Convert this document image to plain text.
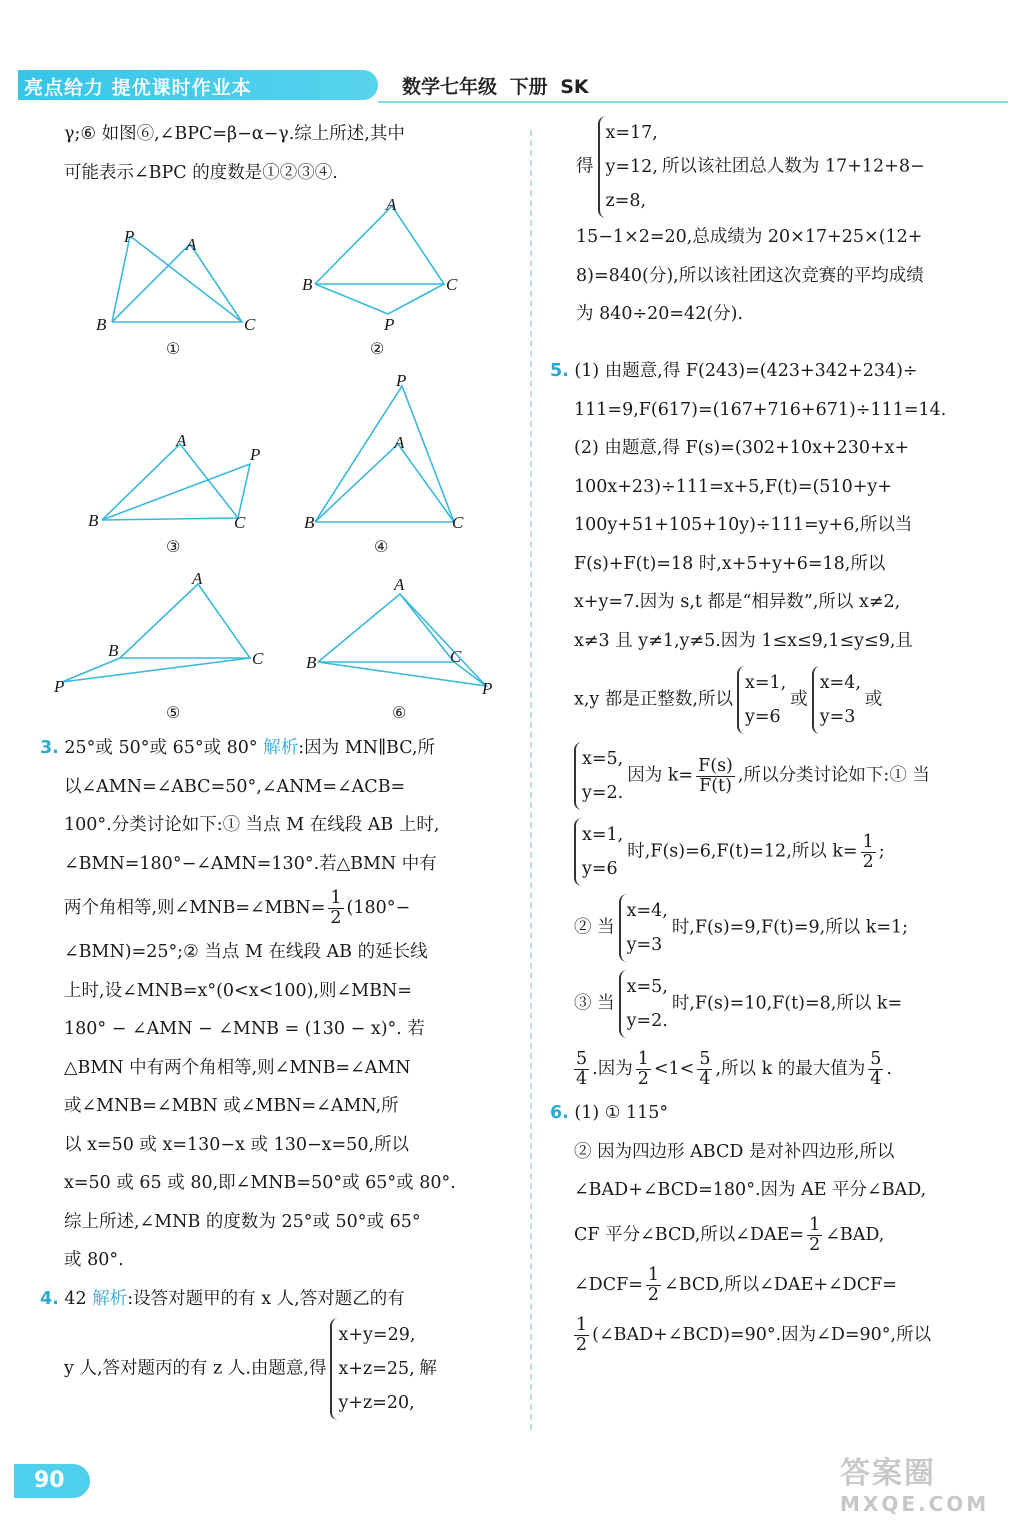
亮点给力 提优课时作业本	数学七年级 下册 SK

γ;⑥ 如图⑥,∠BPC=β−α−γ.综上所述,其中

可能表示∠BPC 的度数是①②③④.

P	A
B	C
A
B	C
P
A
P
B	C
P
A
B	C
A
B	C
P
A
B	C
P
①	②
③	④
⑤	⑥

3. 25°或 50°或 65°或 80° 解析:因为 MN∥BC,所

以∠AMN=∠ABC=50°,∠ANM=∠ACB=

100°.分类讨论如下:① 当点 M 在线段 AB 上时,

∠BMN=180°−∠AMN=130°.若△BMN 中有

两个角相等,则∠MNB=∠MBN= $\frac{1}{2} (180^\circ-$

∠BMN)=25°;② 当点 M 在线段 AB 的延长线

上时,设∠MNB=x°(0<x<100),则∠MBN=

180° − ∠AMN − ∠MNB = (130 − x)°. 若

△BMN 中有两个角相等,则∠MNB=∠AMN

或∠MNB=∠MBN 或∠MBN=∠AMN,所

以 x=50 或 x=130−x 或 130−x=50,所以

x=50 或 65 或 80,即∠MNB=50°或 65°或 80°.

综上所述,∠MNB 的度数为 25°或 50°或 65°

或 80°.

4. 42 解析:设答对题甲的有 x 人,答对题乙的有

y 人,答对题丙的有 z 人.由题意,得
x+y=29,
x+z=25,
y+z=20,
解

得
x=17,
y=12,
z=8,
所以该社团总人数为 17+12+8−

15−1×2=20,总成绩为 20×17+25×(12+

8)=840(分),所以该社团这次竞赛的平均成绩

为 840÷20=42(分).

5. (1) 由题意,得 F(243)=(423+342+234)÷

111=9,F(617)=(167+716+671)÷111=14.

(2) 由题意,得 F(s)=(302+10x+230+x+

100x+23)÷111=x+5,F(t)=(510+y+

100y+51+105+10y)÷111=y+6,所以当

F(s)+F(t)=18 时,x+5+y+6=18,所以

x+y=7.因为 s,t 都是“相异数”,所以 x≠2,

x≠3 且 y≠1,y≠5.因为 1≤x≤9,1≤y≤9,且

x,y 都是正整数,所以
x=1,
y=6
或
x=4,
y=3
或

x=5,
y=2.
因为 $k= \frac{F(s)}{F(t)}$ ,所以分类讨论如下:① 当

x=1,
y=6
时,F(s)=6,F(t)=12,所以 $k= \frac{1}{2}$ ;

② 当
x=4,
y=3
时,F(s)=9,F(t)=9,所以 k=1;

③ 当
x=5,
y=2.
时,F(s)=10,F(t)=8,所以 k=

$\frac{5}{4}$ .因为 $\frac{1}{2} <1< \frac{5}{4}$ ,所以 k 的最大值为 $\frac{5}{4}$ .

6. (1) ① 115°

② 因为四边形 ABCD 是对补四边形,所以

∠BAD+∠BCD=180°.因为 AE 平分∠BAD,

CF 平分∠BCD,所以∠DAE= $\frac{1}{2}$ ∠BAD,

∠DCF= $\frac{1}{2}$ ∠BCD,所以∠DAE+∠DCF=

$\frac{1}{2}$ (∠BAD+∠BCD)=90°.因为∠D=90°,所以

90	答案圈
MXQE.COM
